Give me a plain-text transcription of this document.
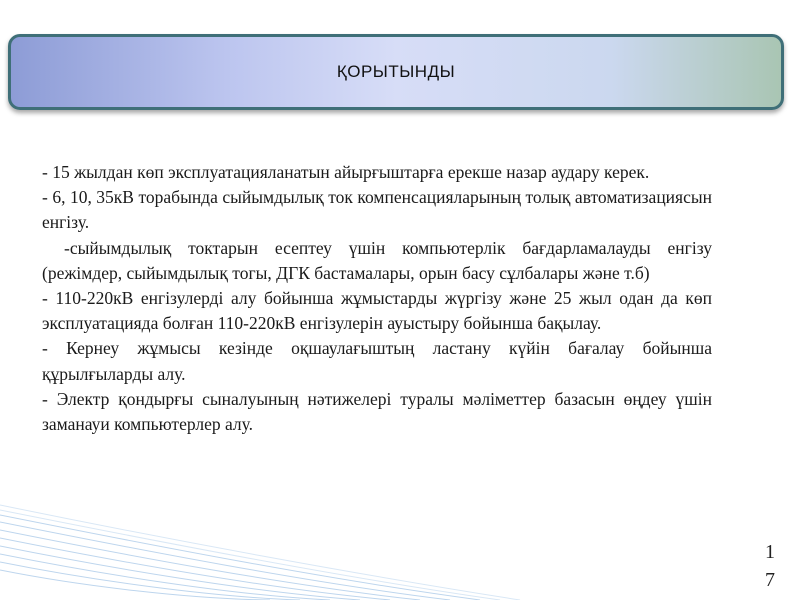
ҚОРЫТЫНДЫ

- 15 жылдан көп эксплуатацияланатын айырғыштарға ерекше назар аудару керек.

- 6, 10, 35кВ торабында сыйымдылық ток компенсацияларының толық автоматизациясын енгізу.

-сыйымдылық токтарын есептеу үшін компьютерлік бағдарламалауды енгізу (режімдер, сыйымдылық тогы, ДГК бастамалары, орын басу сұлбалары және т.б)

- 110-220кВ енгізулерді алу бойынша жұмыстарды жүргізу және 25 жыл одан да көп эксплуатацияда болған 110-220кВ енгізулерін ауыстыру бойынша бақылау.

- Кернеу жұмысы кезінде оқшаулағыштың ластану күйін бағалау бойынша құрылғыларды алу.

- Электр қондырғы сыналуының нәтижелері туралы мәліметтер базасын өңдеу үшін заманауи компьютерлер алу.

17
